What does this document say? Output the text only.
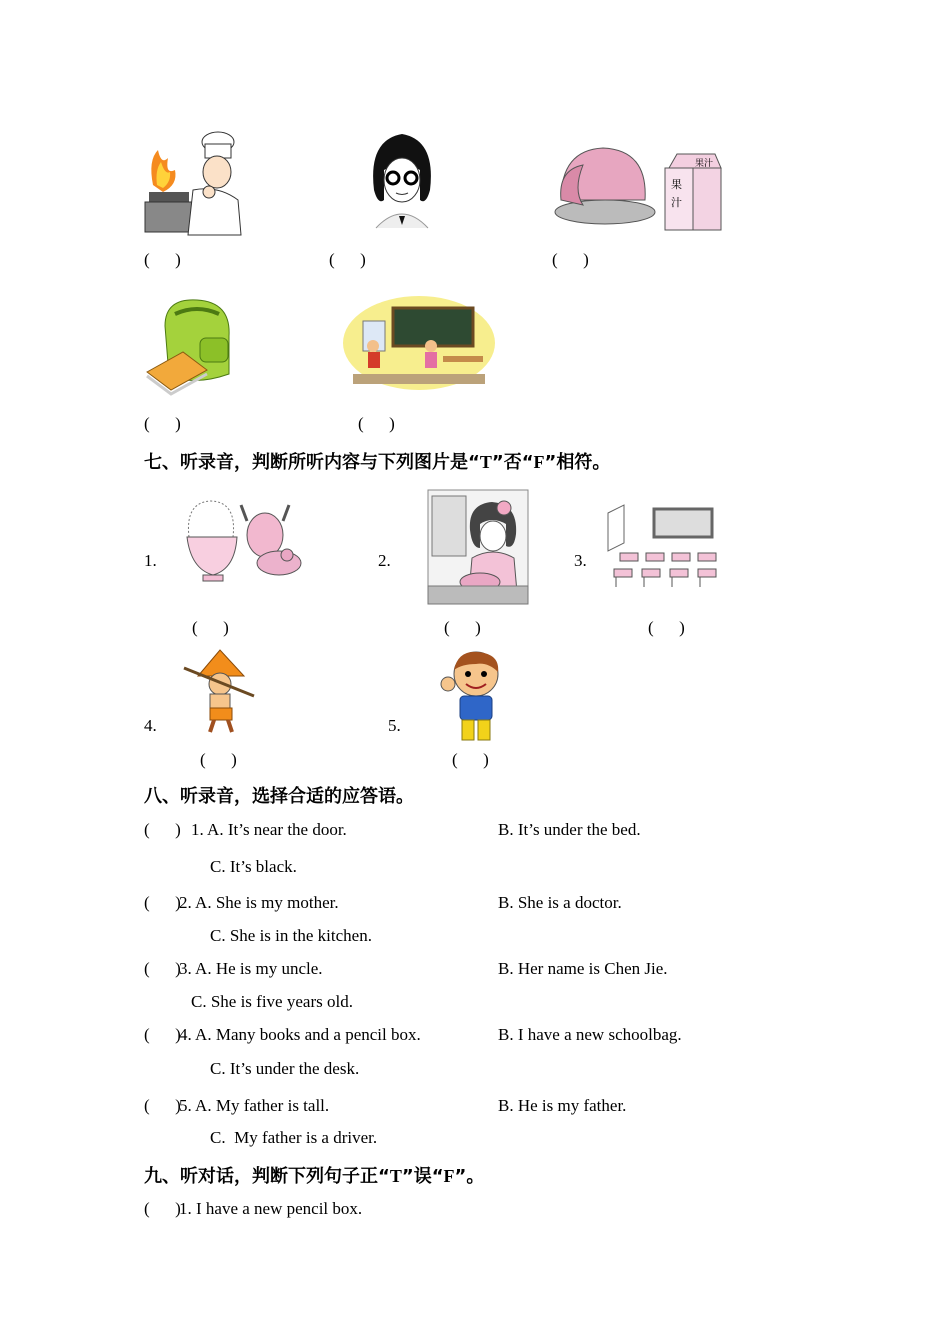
果
汁
果汁
(      )	(      )	(      )
(      )	(      )
七、听录音，判断所听内容与下列图片是“T”否“F”相符。
1.
(      )
2.
(      )
3.
(      )
4.
(      )
5.
(      )
八、听录音，选择合适的应答语。
(      ) 1. A. It’s near the door.	B. It’s under the bed.
C. It’s black.
(      )
2. A. She is my mother.	B. She is a doctor.
C. She is in the kitchen.
(      )
3. A. He is my uncle.	B. Her name is Chen Jie.
C. She is five years old.
(      )
4. A. Many books and a pencil box.	B. I have a new schoolbag.
C. It’s under the desk.
(      )
5. A. My father is tall.	B. He is my father.
C.  My father is a driver.
九、听对话，判断下列句子正“T”误“F”。
(      )
1. I have a new pencil box.
